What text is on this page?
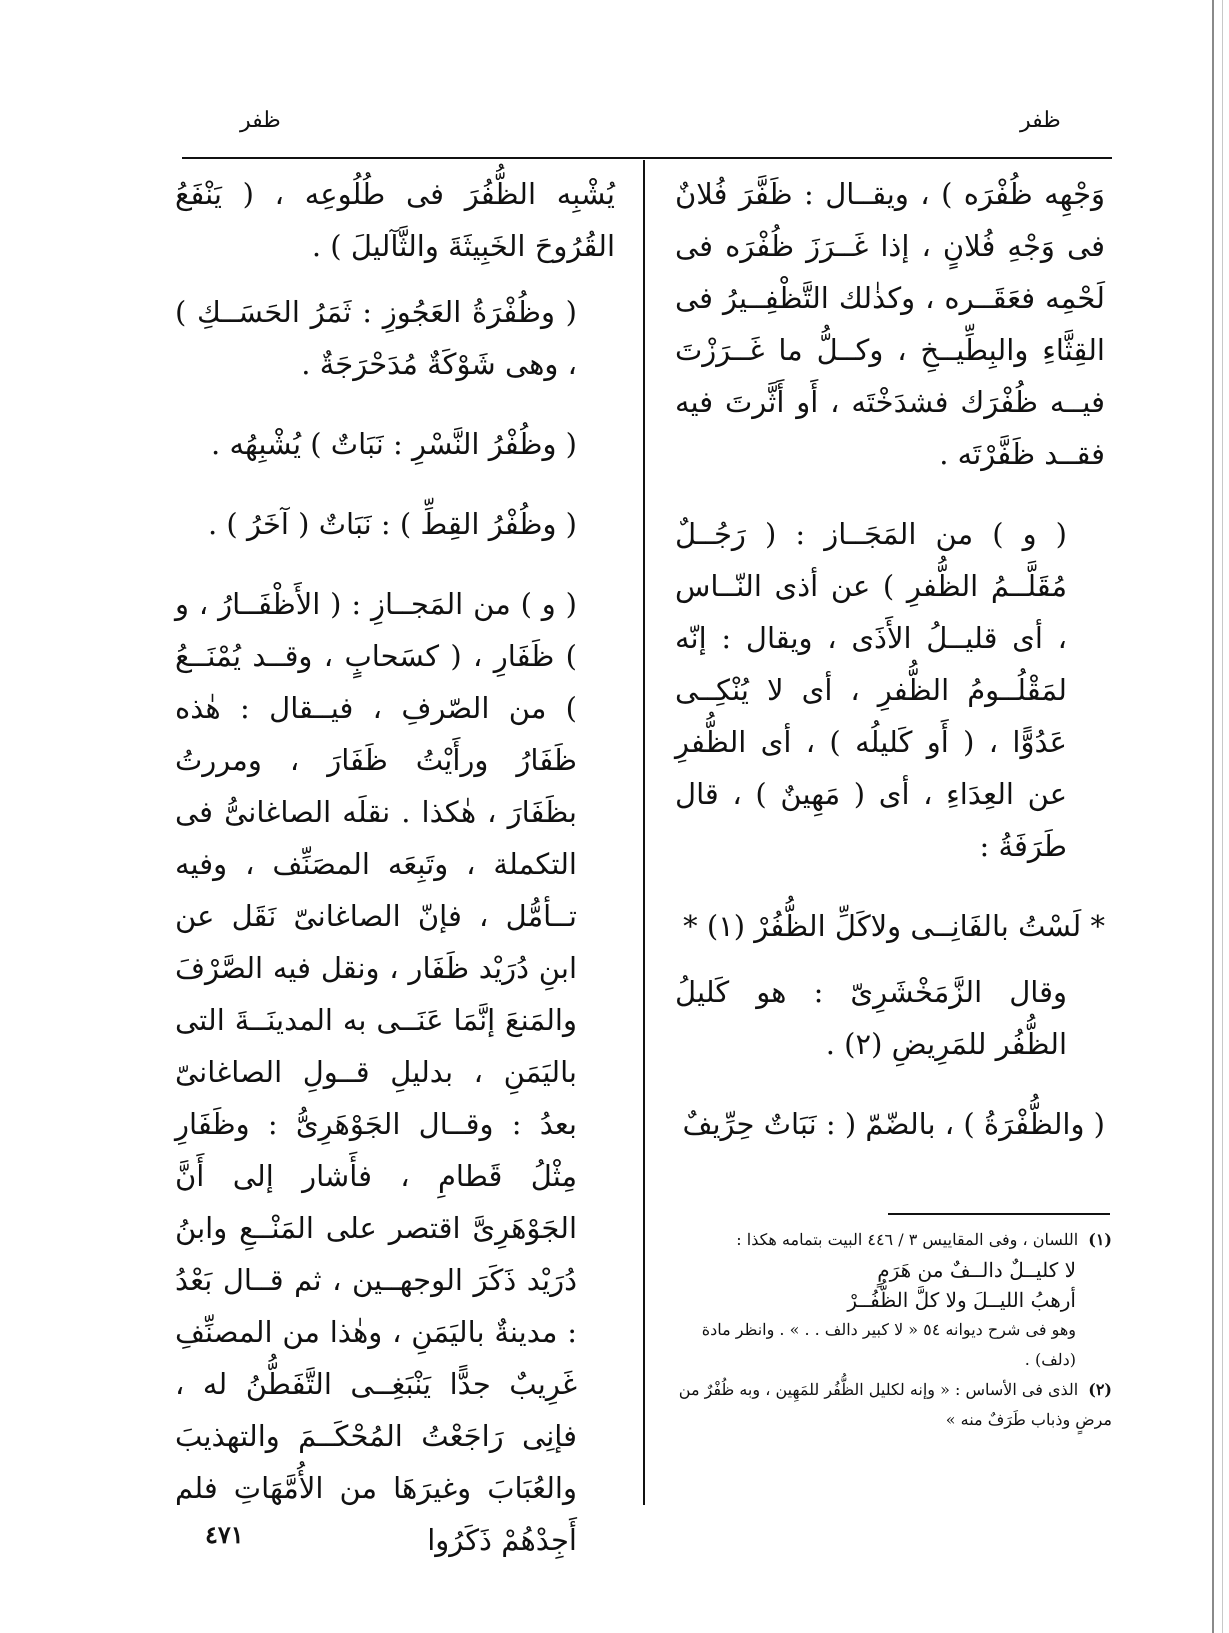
ظفر
ظفر

وَجْهِه ظُفْرَه ) ، ويقــال : ظَفَّرَ فُلانٌ فى وَجْهِ فُلانٍ ، إذا غَــرَزَ ظُفْرَه فى لَحْمِه فعَقَــره ، وكذٰلك التَّظْفِــيرُ فى القِثَّاءِ والبِطِّيــخِ ، وكــلُّ ما غَــرَزْتَ فيــه ظُفْرَك فشدَخْتَه ، أَو أَثَّرتَ فيه فقــد ظَفَّرْتَه .

( و ) من المَجَــاز : ( رَجُــلٌ مُقَلَّــمُ الظُّفرِ ) عن أذى النّــاس ، أى قليــلُ الأَذَى ، ويقال : إنّه لمَقْلُــومُ الظُّفرِ ، أى لا يُنْكِــى عَدُوًّا ، ( أَو كَليلُه ) ، أى الظُّفرِ عن العِدَاءِ ، أى ( مَهِينٌ ) ، قال طَرَفَةُ :

* لَسْتُ بالفَانِــى ولاكَلِّ الظُّفُرْ (١) *

وقال الزَّمَخْشَرِىّ : هو كَليلُ الظُّفُر للمَرِيضِ (٢) .

( والظُّفْرَةُ ) ، بالضّمّ ( : نَبَاتٌ حِرِّيفٌ

(١)اللسان ، وفى المقاييس ٣ / ٤٤٦ البيت بتمامه هكذا :

لا كليــلٌ دالــفٌ من هَرَمٍ

أرهبُ الليــلَ ولا كلَّ الظُّفُــرْ

وهو فى شرح ديوانه ٥٤ « لا كبير دالف . . » . وانظر مادة (دلف) .

(٢)الذى فى الأساس : « وإنه لكليل الظُّفُر للمَهِين ، وبه ظُفْرٌ من مرضٍ وذباب طَرَفٌ منه »

يُشْبِه الظُّفُرَ فى طُلُوعِه ، ( يَنْفَعُ القُرُوحَ الخَبِيثَةَ والثَّآليلَ ) .

( وظُفْرَةُ العَجُوزِ : ثَمَرُ الحَسَــكِ ) ، وهى شَوْكَةٌ مُدَحْرَجَةٌ .

( وظُفْرُ النَّسْرِ : نَبَاتٌ ) يُشْبِهُه .

( وظُفْرُ القِطِّ ) : نَبَاتٌ ( آخَرُ ) .

( و ) من المَجــازِ : ( الأَظْفَــارُ ، و ) ظَفَارِ ، ( كسَحابٍ ، وقــد يُمْنَــعُ ) من الصّرفِ ، فيــقال : هٰذه ظَفَارُ ورأَيْتُ ظَفَارَ ، ومررتُ بظَفَارَ ، هٰكذا . نقلَه الصاغانىُّ فى التكملة ، وتَبِعَه المصَنِّف ، وفيه تــأمُّل ، فإنّ الصاغانىّ نَقَل عن ابنِ دُرَيْد ظَفَار ، ونقل فيه الصَّرْفَ والمَنعَ إنَّمَا عَنَــى به المدينَــةَ التى باليَمَنِ ، بدليلِ قــولِ الصاغانىّ بعدُ : وقــال الجَوْهَرِىُّ : وظَفَارِ مِثْلُ قَطامِ ، فأَشار إلى أَنَّ الجَوْهَرِىَّ اقتصر على المَنْــعِ وابنُ دُرَيْد ذَكَرَ الوجهــين ، ثم قــال بَعْدُ : مدينةٌ باليَمَنِ ، وهٰذا من المصنِّفِ غَرِيبٌ جدًّا يَنْبَغِــى التَّفَطُّنُ له ، فإنِى رَاجَعْتُ المُحْكَــمَ والتهذيبَ والعُبَابَ وغيرَهَا من الأُمَّهَاتِ فلم أَجِدْهُمْ ذَكَرُوا

٤٧١
